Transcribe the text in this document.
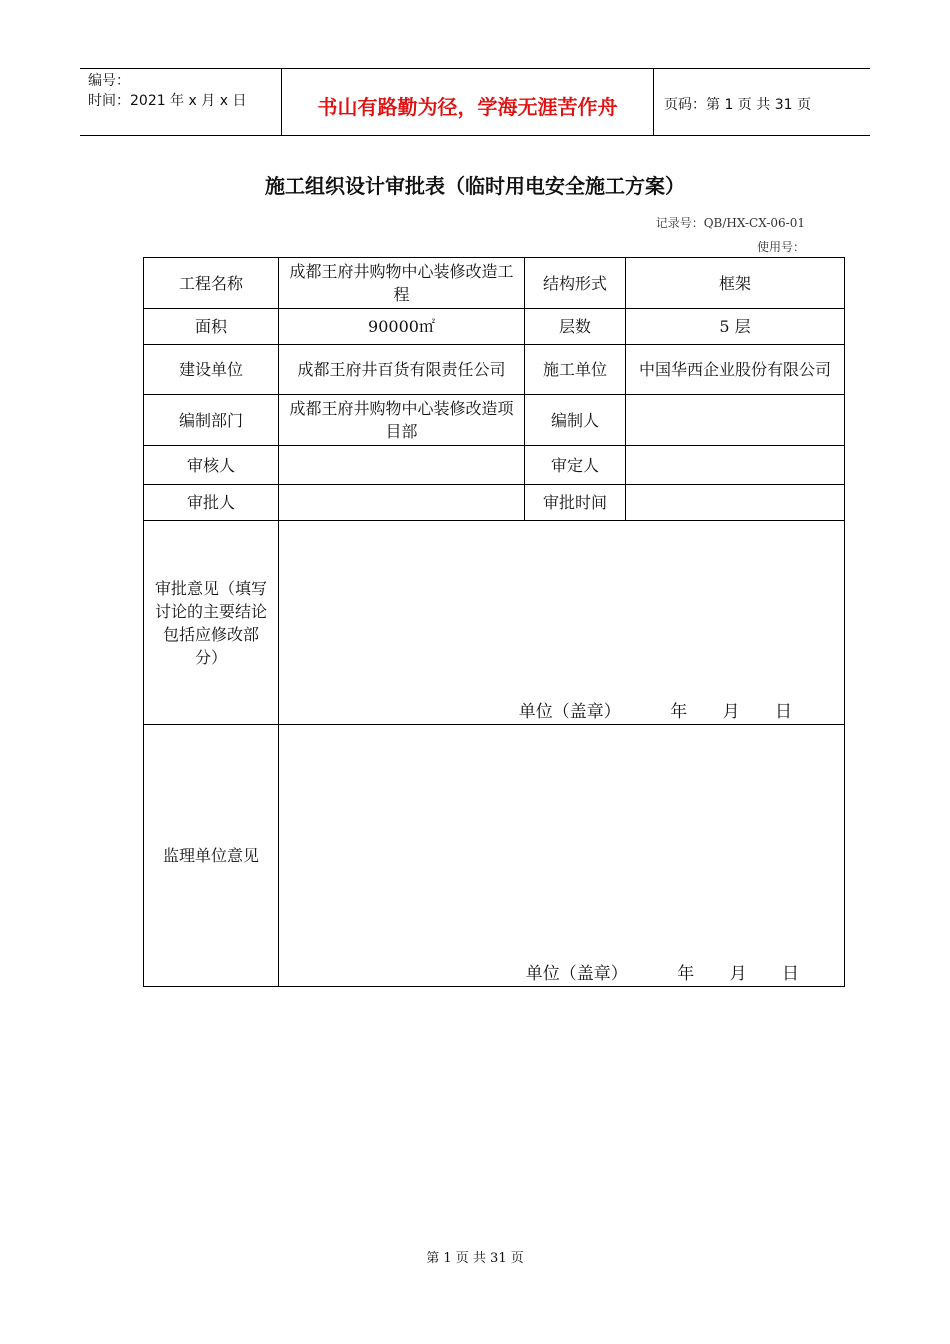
编号：
时间：2021 年 x 月 x 日	书山有路勤为径，学海无涯苦作舟	页码：第 1 页 共 31 页
施工组织设计审批表（临时用电安全施工方案）
记录号：QB/HX-CX-06-01
使用号：
工程名称	成都王府井购物中心装修改造工程	结构形式	框架
面积	90000㎡	层数	5 层
建设单位	成都王府井百货有限责任公司	施工单位	中国华西企业股份有限公司
编制部门	成都王府井购物中心装修改造项目部	编制人	
审核人		审定人	
审批人		审批时间	
审批意见（填写讨论的主要结论包括应修改部分）	单位（盖章） 年 月 日		

监理单位意见	单位（盖章） 年 月 日		
第 1 页 共 31 页
